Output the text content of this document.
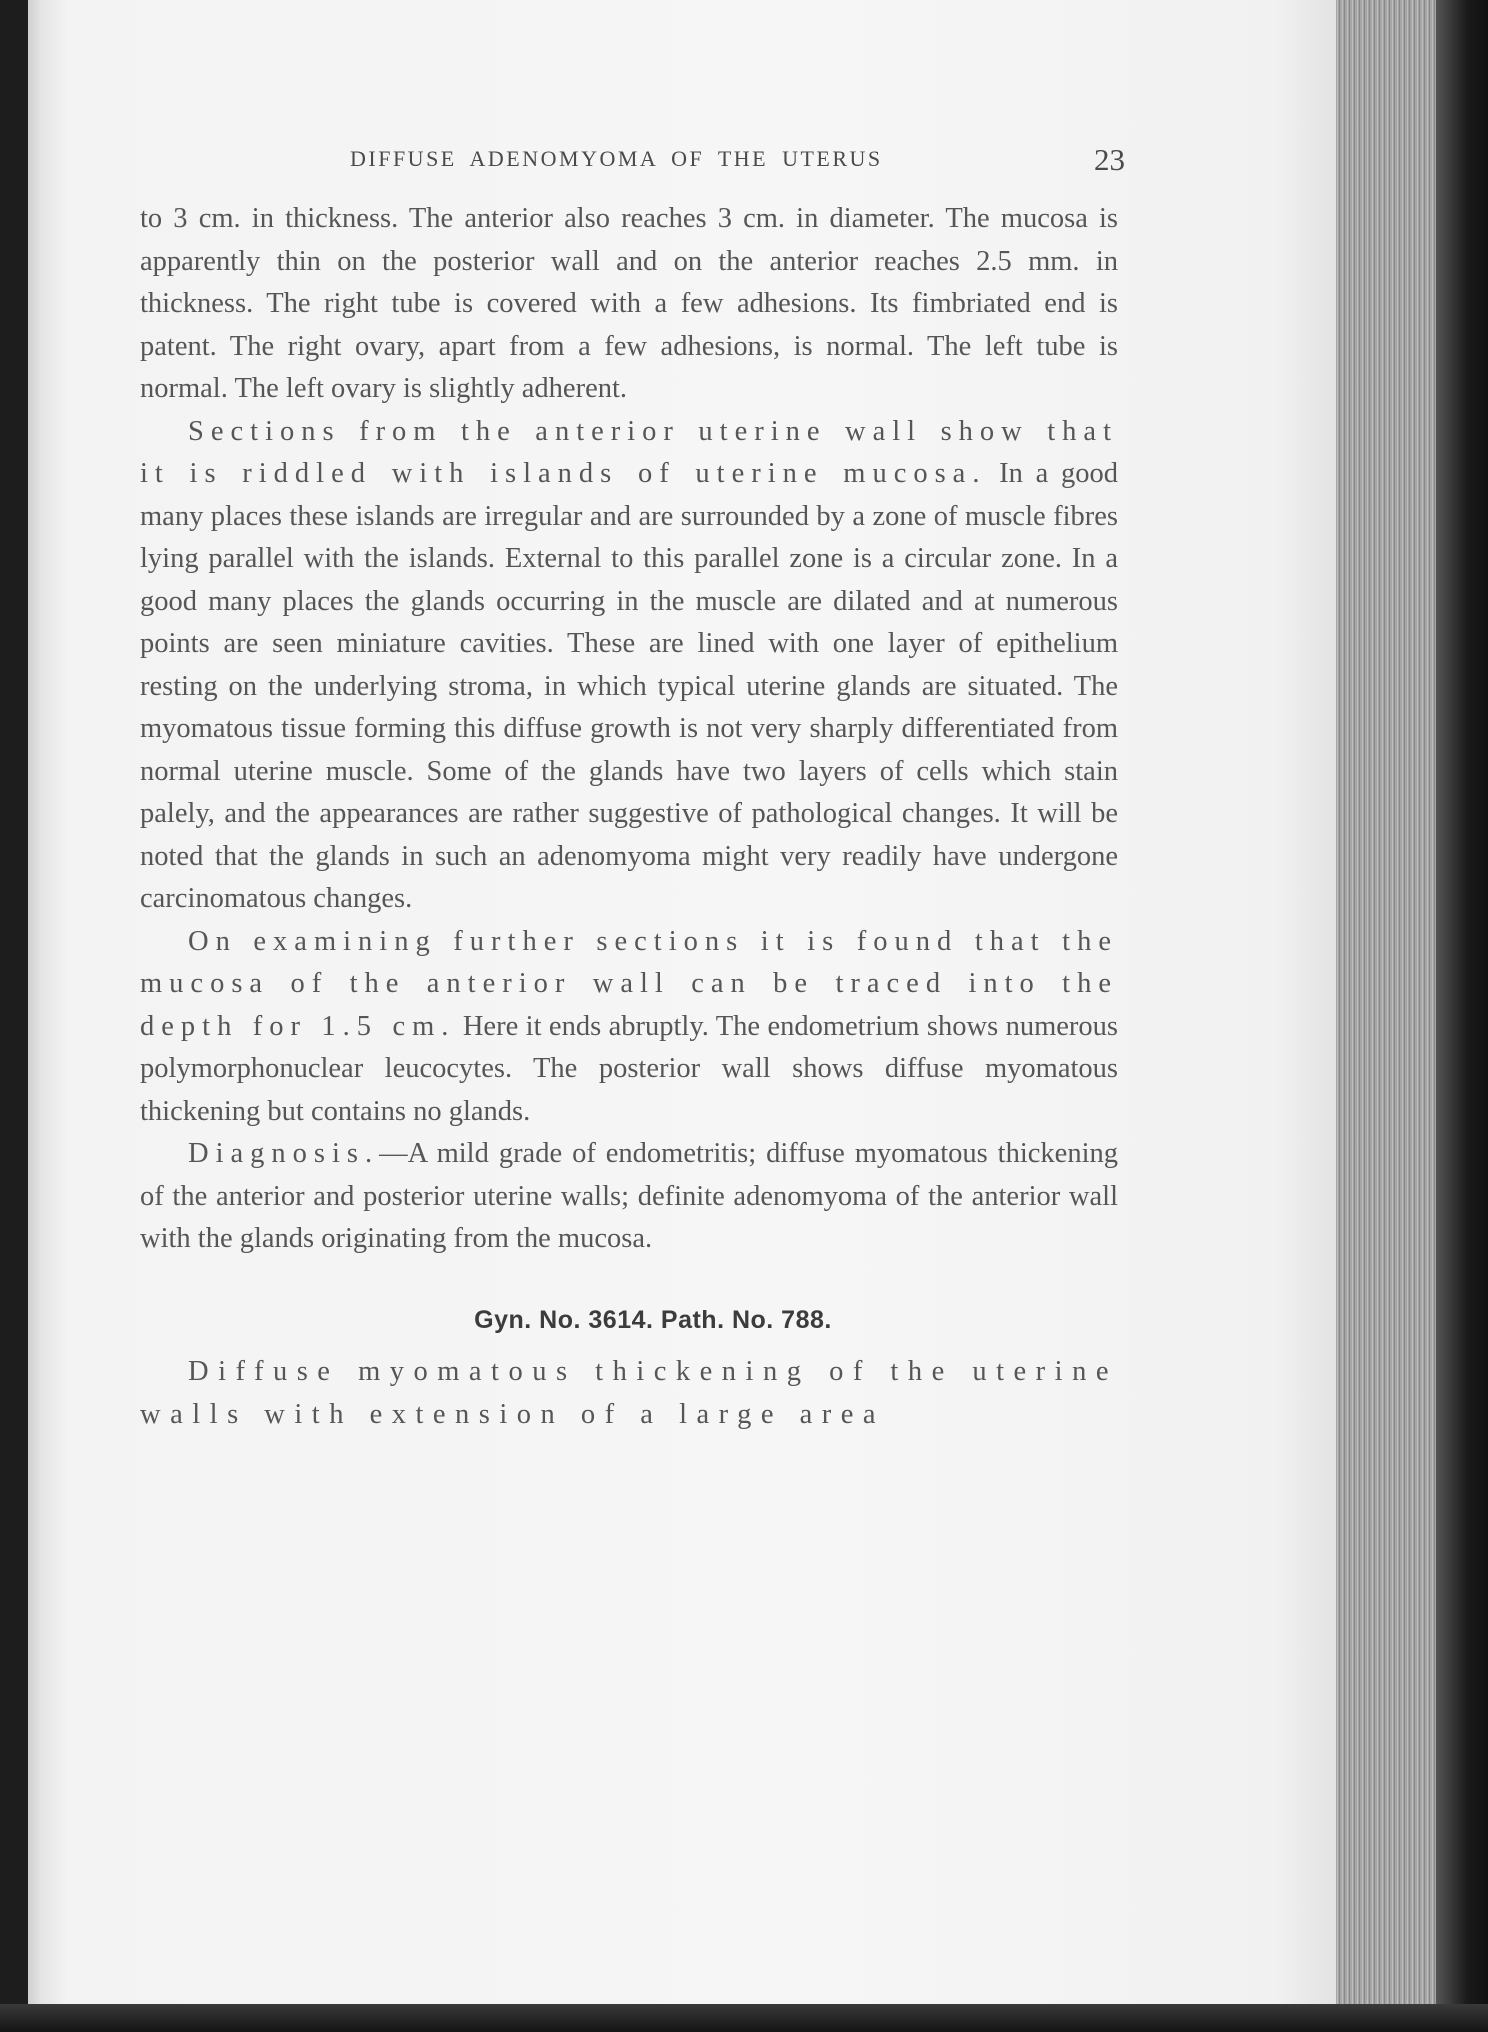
DIFFUSE ADENOMYOMA OF THE UTERUS	23

to 3 cm. in thickness. The anterior also reaches 3 cm. in diameter. The mucosa is apparently thin on the posterior wall and on the anterior reaches 2.5 mm. in thickness. The right tube is covered with a few adhesions. Its fimbriated end is patent. The right ovary, apart from a few adhesions, is normal. The left tube is normal. The left ovary is slightly adherent.

Sections from the anterior uterine wall show that it is riddled with islands of uterine mucosa. In a good many places these islands are irregular and are surrounded by a zone of muscle fibres lying parallel with the islands. External to this parallel zone is a circular zone. In a good many places the glands occurring in the muscle are dilated and at numerous points are seen miniature cavities. These are lined with one layer of epithelium resting on the underlying stroma, in which typical uterine glands are situated. The myomatous tissue forming this diffuse growth is not very sharply differentiated from normal uterine muscle. Some of the glands have two layers of cells which stain palely, and the appearances are rather suggestive of pathological changes. It will be noted that the glands in such an adenomyoma might very readily have undergone carcinomatous changes.

On examining further sections it is found that the mucosa of the anterior wall can be traced into the depth for 1.5 cm. Here it ends abruptly. The endometrium shows numerous polymorphonuclear leucocytes. The posterior wall shows diffuse myomatous thickening but contains no glands.

Diagnosis.—A mild grade of endometritis; diffuse myomatous thickening of the anterior and posterior uterine walls; definite adenomyoma of the anterior wall with the glands originating from the mucosa.

Gyn. No. 3614. Path. No. 788.

Diffuse myomatous thickening of the uterine walls with extension of a large area
